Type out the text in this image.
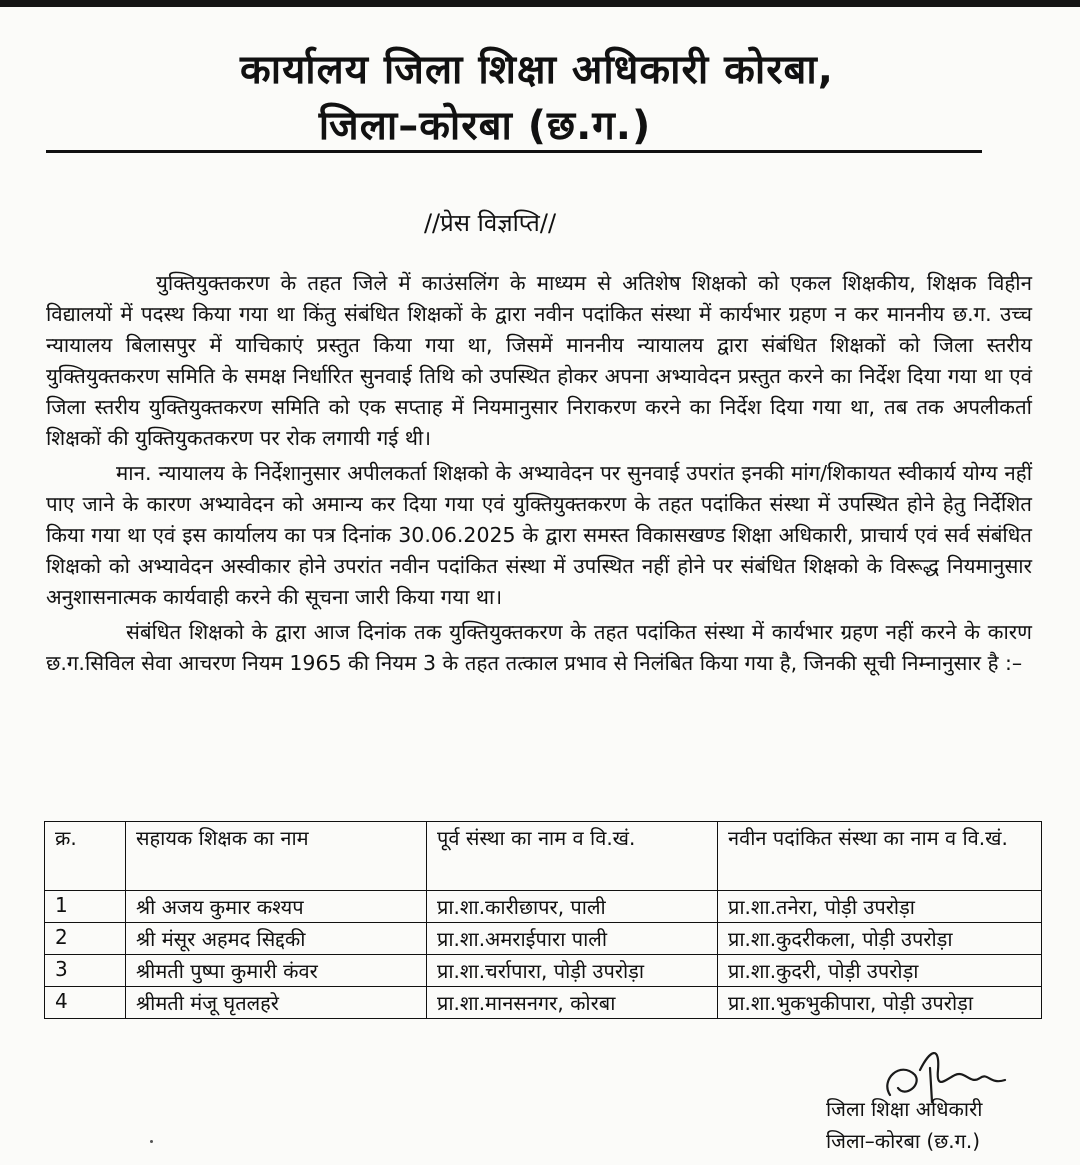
कार्यालय जिला शिक्षा अधिकारी कोरबा,
जिला–कोरबा (छ.ग.)
//प्रेस विज्ञप्ति//

युक्तियुक्तकरण के तहत जिले में काउंसलिंग के माध्यम से अतिशेष शिक्षको को एकल शिक्षकीय, शिक्षक विहीन विद्यालयों में पदस्थ किया गया था किंतु संबंधित शिक्षकों के द्वारा नवीन पदांकित संस्था में कार्यभार ग्रहण न कर माननीय छ.ग. उच्च न्यायालय बिलासपुर में याचिकाएं प्रस्तुत किया गया था, जिसमें माननीय न्यायालय द्वारा संबंधित शिक्षकों को जिला स्तरीय युक्तियुक्तकरण समिति के समक्ष निर्धारित सुनवाई तिथि को उपस्थित होकर अपना अभ्यावेदन प्रस्तुत करने का निर्देश दिया गया था एवं जिला स्तरीय युक्तियुक्तकरण समिति को एक सप्ताह में नियमानुसार निराकरण करने का निर्देश दिया गया था, तब तक अपलीकर्ता शिक्षकों की युक्तियुकतकरण पर रोक लगायी गई थी।

मान. न्यायालय के निर्देशानुसार अपीलकर्ता शिक्षको के अभ्यावेदन पर सुनवाई उपरांत इनकी मांग/शिकायत स्वीकार्य योग्य नहीं पाए जाने के कारण अभ्यावेदन को अमान्य कर दिया गया एवं युक्तियुक्तकरण के तहत पदांकित संस्था में उपस्थित होने हेतु निर्देशित किया गया था एवं इस कार्यालय का पत्र दिनांक 30.06.2025 के द्वारा समस्त विकासखण्ड शिक्षा अधिकारी, प्राचार्य एवं सर्व संबंधित शिक्षको को अभ्यावेदन अस्वीकार होने उपरांत नवीन पदांकित संस्था में उपस्थित नहीं होने पर संबंधित शिक्षको के विरूद्ध नियमानुसार अनुशासनात्मक कार्यवाही करने की सूचना जारी किया गया था।

संबंधित शिक्षको के द्वारा आज दिनांक तक युक्तियुक्तकरण के तहत पदांकित संस्था में कार्यभार ग्रहण नहीं करने के कारण छ.ग.सिविल सेवा आचरण नियम 1965 की नियम 3 के तहत तत्काल प्रभाव से निलंबित किया गया है, जिनकी सूची निम्नानुसार है :–

क्र.	सहायक शिक्षक का नाम	पूर्व संस्था का नाम व वि.खं.	नवीन पदांकित संस्था का नाम व वि.खं.
1	श्री अजय कुमार कश्यप	प्रा.शा.कारीछापर, पाली	प्रा.शा.तनेरा, पोड़ी उपरोड़ा
2	श्री मंसूर अहमद सिद्दकी	प्रा.शा.अमराईपारा पाली	प्रा.शा.कुदरीकला, पोड़ी उपरोड़ा
3	श्रीमती पुष्पा कुमारी कंवर	प्रा.शा.चर्रापारा, पोड़ी उपरोड़ा	प्रा.शा.कुदरी, पोड़ी उपरोड़ा
4	श्रीमती मंजू घृतलहरे	प्रा.शा.मानसनगर, कोरबा	प्रा.शा.भुकभुकीपारा, पोड़ी उपरोड़ा
जिला शिक्षा अधिकारी
जिला–कोरबा (छ.ग.)
